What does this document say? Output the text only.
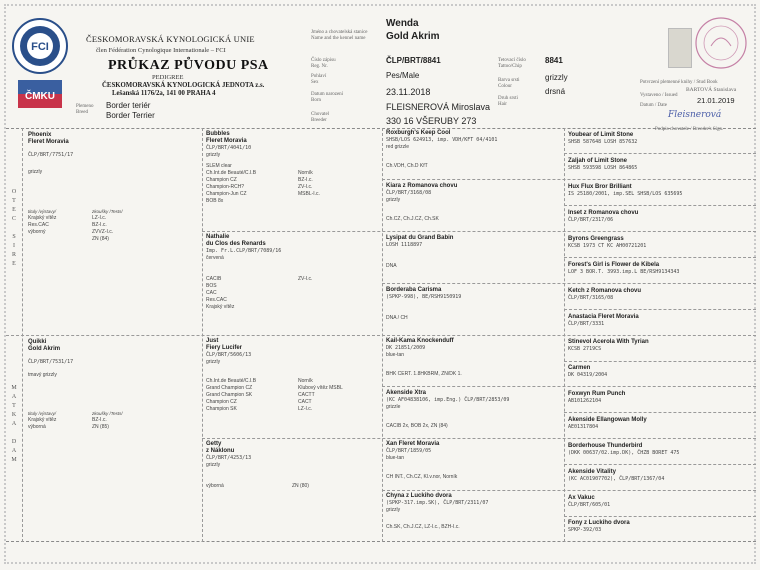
FCI
ČMKU
ČESKOMORAVSKÁ KYNOLOGICKÁ UNIE
člen Fédération Cynologique Internationale – FCI
PRŮKAZ PŮVODU PSA
PEDIGREE
ČESKOMORAVSKÁ KYNOLOGICKÁ JEDNOTA z.s.
Lešanská 1176/2a, 141 00 PRAHA 4
Plemeno
Breed
Border teriér
Border Terrier
Jméno a chovatelská stanice
Name and the kennel name
Číslo zápisu
Reg. Nr.
Pohlaví
Sex
Datum narození
Born
Chovatel
Breeder
Wenda
Gold Akrim
ČLP/BRT/8841
Pes/Male
23.11.2018
FLEISNEROVÁ Miroslava
330 16 VŠERUBY 273
Tetovací číslo
Tattoo/Chip
8841
Barva srsti
Colour
grizzly
Druh srsti
Hair
drsná
Potvrzení plemenné knihy / Stud Book
BARTOVÁ Stanislava
Vystaveno / Issued
21.01.2019
Datum / Date
Fleisnerová
Podpis chovatele / Breeder's Sign.
O
T
E
C
S
I
R
E
M
A
T
K
A
D
A
M
Phoenix
Fleret Moravia
ČLP/BRT/7751/17
grizzly
tituly /výstavy/
Krajský vítěz
Res.CAC
výborný
zkoušky /Tests/
LZ-I.c.
BZ-I.c.
ZVVZ-I.c.
ZN (84)
Quikki
Gold Akrim
ČLP/BRT/7531/17
tmavý grizzly
tituly /výstavy/
Krajský vítěz
výborná
zkoušky /Tests/
BZ-I.c.
ZN (85)
Bubbles
Fleret Moravia
ČLP/BRT/4041/10
grizzly
SLEM clear
Ch.Int.de Beauté/C.I.B
Champion CZ
Champion-RCH?
Champion-Jun CZ
BOB 8x
Norník
BZ-I.c.
ZV-I.c.
MSBL-I.c.
Nathalie
du Clos des Renards
Imp. Fr.L.CLP/BRT/7089/16
červená
CACIB
BOS
CAC
Res.CAC
Krajský vítěz
ZV-I.c.
Just
Fiery Lucifer
ČLP/BRT/5606/13
grizzly
Ch.Int.de Beauté/C.I.B
Grand Champion CZ
Grand Champion SK
Champion CZ
Champion SK
Norník
Klubový vítěz MSBL
CACTT
CACT
LZ-I.c.
Getty
z Náklonu
ČLP/BRT/4253/13
grizzly
výborná	ZN (80)
Roxburgh's Keep Cool
SHSB/LOS 624913, imp. VDH/KFT 04/4101
red grizzle
Ch.VDH, Ch.D KfT
Kiara z Romanova chovu
ČLP/BRT/3168/08
grizzly
Ch.CZ, Ch.J.CZ, Ch.SK
Lysipat du Grand Babin
LOSH 1118897
DNA
Borderaba Carisma
(SPKP-998), BE/RSH9150919
DNA / CH
Kail-Kama Knockenduff
DK 21851/2009
blue-tan
BHK CERT. 1.8HKBRM, ZN/DK 1.
Akenside Xtra
(KC AF04838106, imp.Eng.) ČLP/BRT/2853/09
grizzle
CACIB 2x, BOB 2x, ZN (84)
Xan Fleret Moravia
ČLP/BRT/1859/05
blue-tan
CH INT., Ch.CZ, Kl.v.nor, Norník
Chyna z Luckiho dvora
(SPKP-317.imp.SK), ČLP/BRT/2311/07
grizzly
Ch.SK, Ch.J.CZ, LZ-I.c., BZH-I.c.
Youbear of Limit Stone
SHSB 587648 LOSH 857632
Zaljah of Limit Stone
SHSB 593598 LOSH 864865
Hux Flux Bror Brilliant
IS 25180/2001, imp.SEL SHSB/LOS 635695
Inset z Romanova chovu
ČLP/BRT/2317/06
Byrons Greengrass
KCSB 1973 CT KC AH00721201
Forest's Girl is Flower de Kibela
LOF 3 BOR.T. 3993.imp.L BE/RSH9134343
Ketch z Romanova chovu
ČLP/BRT/3165/08
Anastacia Fleret Moravia
ČLP/BRT/3331
Stinevol Acerola With Tyrian
KCSB 2719CS
Carmen
DK 04319/2004
Foxwyn Rum Punch
AB101262104
Akenside Ellangowan Molly
AE01317804
Borderhouse Thunderbird
(DKK 00637/02.imp.DK), ČHZB BORET 475
Akenside Vitality
(KC AC01907702), ČLP/BRT/1367/04
Ax Vakuc
ČLP/BRT/605/01
Fony z Luckiho dvora
SPKP-392/03
